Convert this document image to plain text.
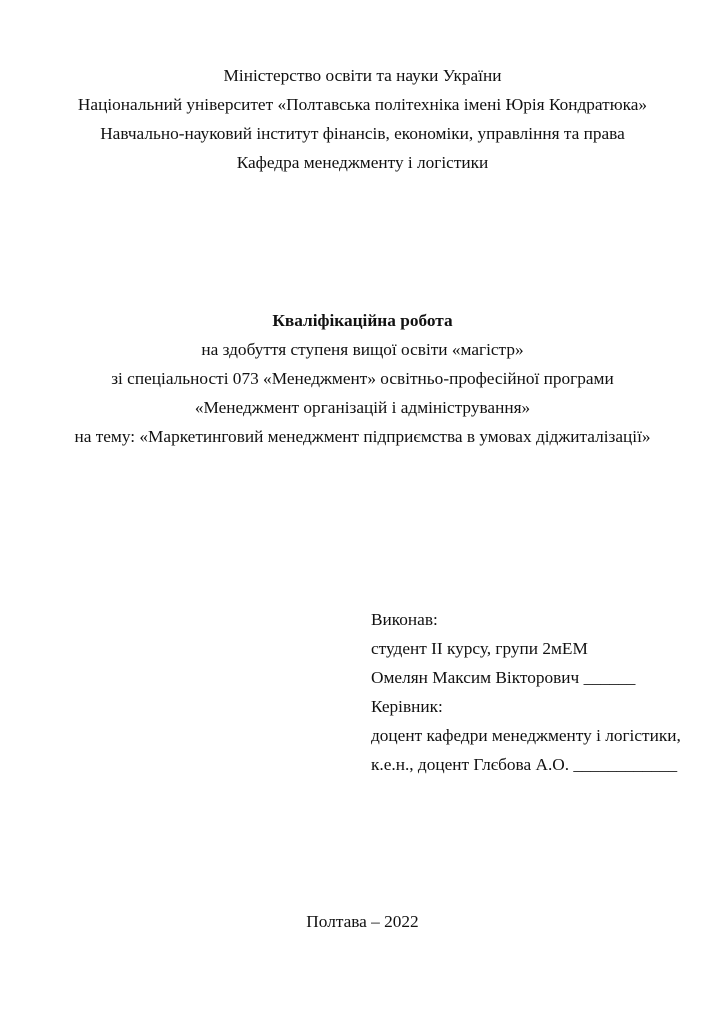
Міністерство освіти та науки України
Національний університет «Полтавська політехніка імені Юрія Кондратюка»
Навчально-науковий інститут фінансів, економіки, управління та права
Кафедра менеджменту і логістики
Кваліфікаційна робота
на здобуття ступеня вищої освіти «магістр»
зі спеціальності 073 «Менеджмент» освітньо-професійної програми
«Менеджмент організацій і адміністрування»
на тему: «Маркетинговий менеджмент підприємства в умовах діджиталізації»
Виконав:
студент ІІ курсу, групи 2мЕМ
Омелян Максим Вікторович ______
Керівник:
доцент кафедри менеджменту і логістики,
к.е.н., доцент Глєбова А.О. ____________
Полтава – 2022
